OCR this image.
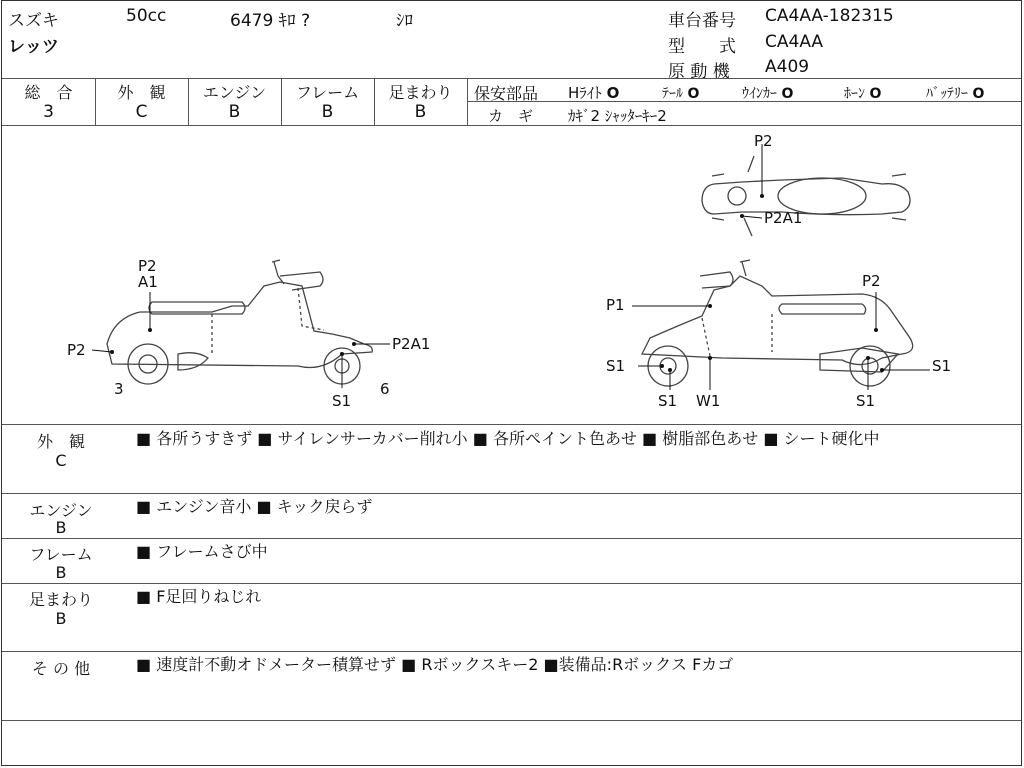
スズキ	50cc	6479 ｷﾛ ?	ｼﾛ
レッツ
車台番号 CA4AA-182315
型　　式 CA4AA
原 動 機 A409
総　合
3
外　観
C
エンジン
B
フレーム
B
足まわり
B
保安部品 Hﾗｲﾄ O	ﾃｰﾙ O	ｳｲﾝｶｰ O	ﾎｰﾝ O	ﾊﾞｯﾃﾘｰ O
カ　ギ ｶｷﾞ2 ｼｬｯﾀｰｷｰ2
P2
A1
P2	P2A1
S1
3	6
P2
P2A1
P1
P2
S1
S1 W1
S1
S1
外　観
C
■ 各所うすきず ■ サイレンサーカバー削れ小 ■ 各所ペイント色あせ ■ 樹脂部色あせ ■ シート硬化中
エンジン
B
■ エンジン音小 ■ キック戻らず
フレーム
B
■ フレームさび中
足まわり
B
■ F足回りねじれ
そ の 他	■ 速度計不動オドメーター積算せず ■ Rボックスキー2 ■装備品:Rボックス Fカゴ
